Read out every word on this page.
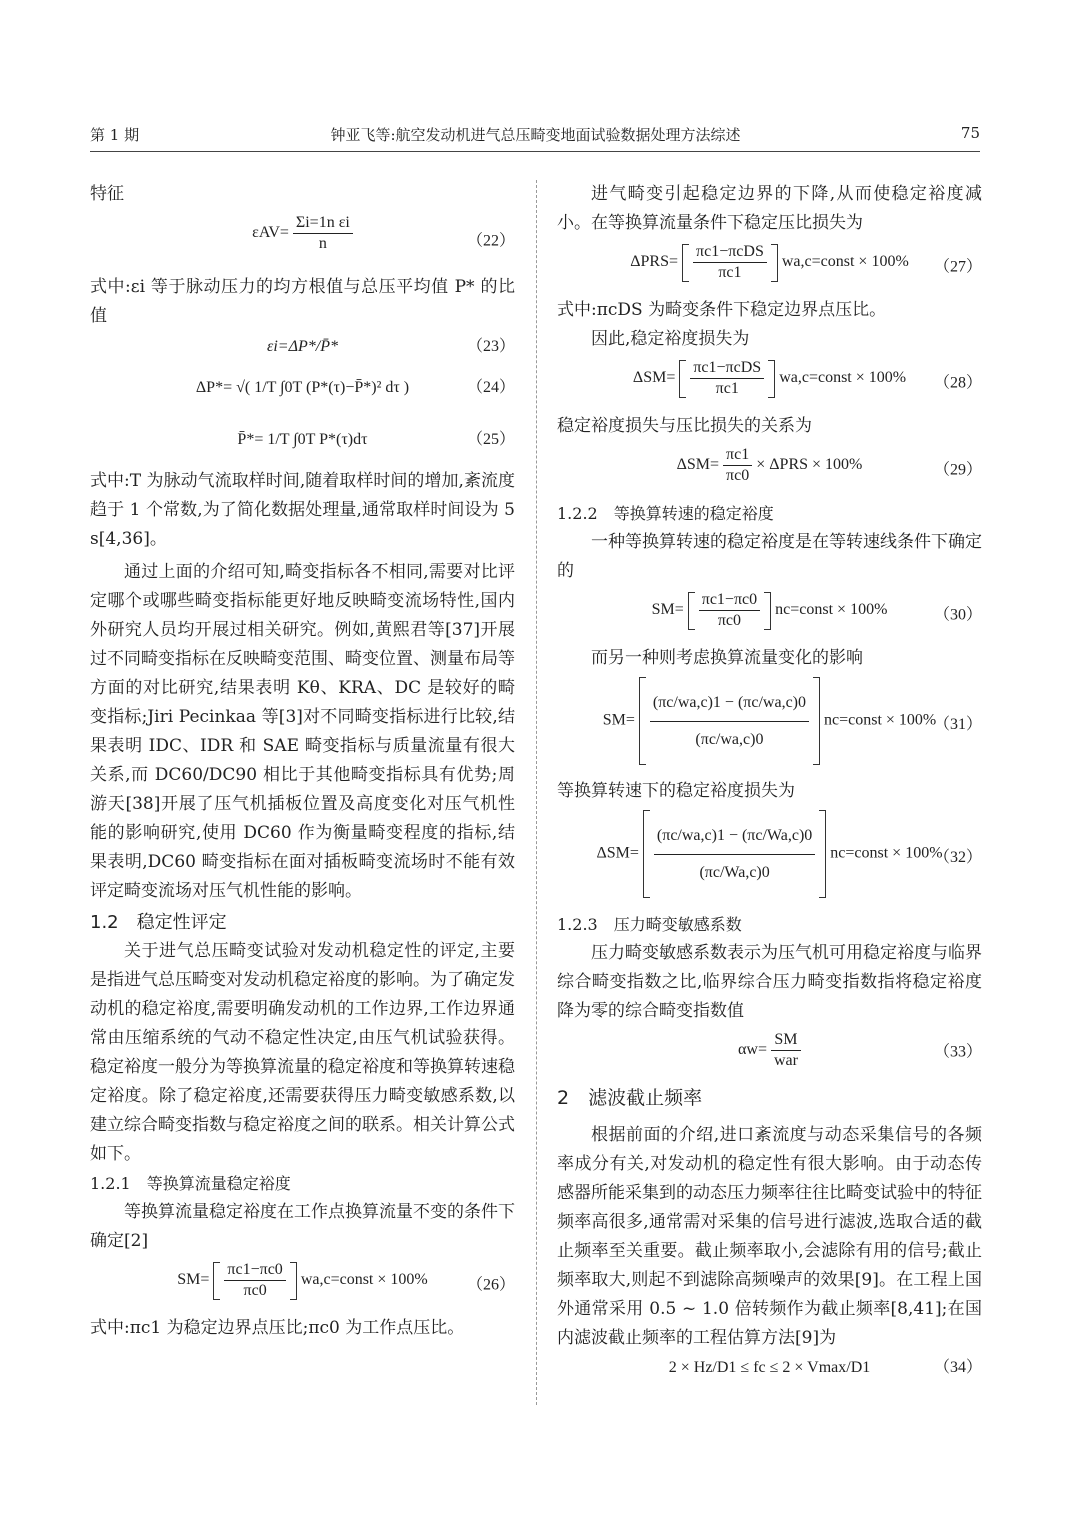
第 1 期	钟亚飞等:航空发动机进气总压畸变地面试验数据处理方法综述	75

特征

$\varepsilon AV= \frac{\text{Σi=1n εi}}{n}$	（22）

式中:εi 等于脉动压力的均方根值与总压平均值 P* 的比值

εi=ΔP*/P̄*	（23）
ΔP*= √( 1/T ∫0T (P*(τ)−P̄*)² dτ )	（24）
P̄*= 1/T ∫0T P*(τ)dτ	（25）

式中:T 为脉动气流取样时间,随着取样时间的增加,紊流度趋于 1 个常数,为了简化数据处理量,通常取样时间设为 5 s[4,36]。

通过上面的介绍可知,畸变指标各不相同,需要对比评定哪个或哪些畸变指标能更好地反映畸变流场特性,国内外研究人员均开展过相关研究。例如,黄熙君等[37]开展过不同畸变指标在反映畸变范围、畸变位置、测量布局等方面的对比研究,结果表明 Kθ、KRA、DC 是较好的畸变指标;Jiri Pecinkaa 等[3]对不同畸变指标进行比较,结果表明 IDC、IDR 和 SAE 畸变指标与质量流量有很大关系,而 DC60/DC90 相比于其他畸变指标具有优势;周游天[38]开展了压气机插板位置及高度变化对压气机性能的影响研究,使用 DC60 作为衡量畸变程度的指标,结果表明,DC60 畸变指标在面对插板畸变流场时不能有效评定畸变流场对压气机性能的影响。

1.2　稳定性评定

关于进气总压畸变试验对发动机稳定性的评定,主要是指进气总压畸变对发动机稳定裕度的影响。为了确定发动机的稳定裕度,需要明确发动机的工作边界,工作边界通常由压缩系统的气动不稳定性决定,由压气机试验获得。稳定裕度一般分为等换算流量的稳定裕度和等换算转速稳定裕度。除了稳定裕度,还需要获得压力畸变敏感系数,以建立综合畸变指数与稳定裕度之间的联系。相关计算公式如下。

1.2.1　等换算流量稳定裕度

等换算流量稳定裕度在工作点换算流量不变的条件下确定[2]

$SM= \frac{\pi c1-\pi c0}{\pi c0}$ wa,c=const × 100% （26）

式中:πc1 为稳定边界点压比;πc0 为工作点压比。

进气畸变引起稳定边界的下降,从而使稳定裕度减小。在等换算流量条件下稳定压比损失为

$\Delta PRS= \frac{\text{πc1−πcDS}}{\pi c1}$ wa,c=const × 100% （27）

式中:πcDS 为畸变条件下稳定边界点压比。

因此,稳定裕度损失为

$\Delta SM= \frac{\text{πc1−πcDS}}{\pi c1}$ wa,c=const × 100% （28）

稳定裕度损失与压比损失的关系为

$\Delta SM= \frac{\pi c1}{\pi c0} \times \Delta PRS \times 100\%$	（29）
1.2.2　等换算转速的稳定裕度

一种等换算转速的稳定裕度是在等转速线条件下确定的

$SM= \frac{\pi c1-\pi c0}{\pi c0}$ nc=const × 100%	（30）

而另一种则考虑换算流量变化的影响

$SM= \frac{(\pi c/wa,c)1 - (\pi c/wa,c)0}{(\pi c/wa,c)0}$ nc=const × 100%
（31）

等换算转速下的稳定裕度损失为

$\Delta SM= \frac{(\pi c/wa,c)1 - (\pi c/Wa,c)0}{(\pi c/Wa,c)0}$ nc=const × 100%
（32）
1.2.3　压力畸变敏感系数

压力畸变敏感系数表示为压气机可用稳定裕度与临界综合畸变指数之比,临界综合压力畸变指数指将稳定裕度降为零的综合畸变指数值

$\alpha w= \frac{SM}{\text{war}}$	（33）
2　滤波截止频率

根据前面的介绍,进口紊流度与动态采集信号的各频率成分有关,对发动机的稳定性有很大影响。由于动态传感器所能采集到的动态压力频率往往比畸变试验中的特征频率高很多,通常需对采集的信号进行滤波,选取合适的截止频率至关重要。截止频率取小,会滤除有用的信号;截止频率取大,则起不到滤除高频噪声的效果[9]。在工程上国外通常采用 0.5 ~ 1.0 倍转频作为截止频率[8,41];在国内滤波截止频率的工程估算方法[9]为

2 × Hz/D1 ≤ fc ≤ 2 × Vmax/D1	（34）
